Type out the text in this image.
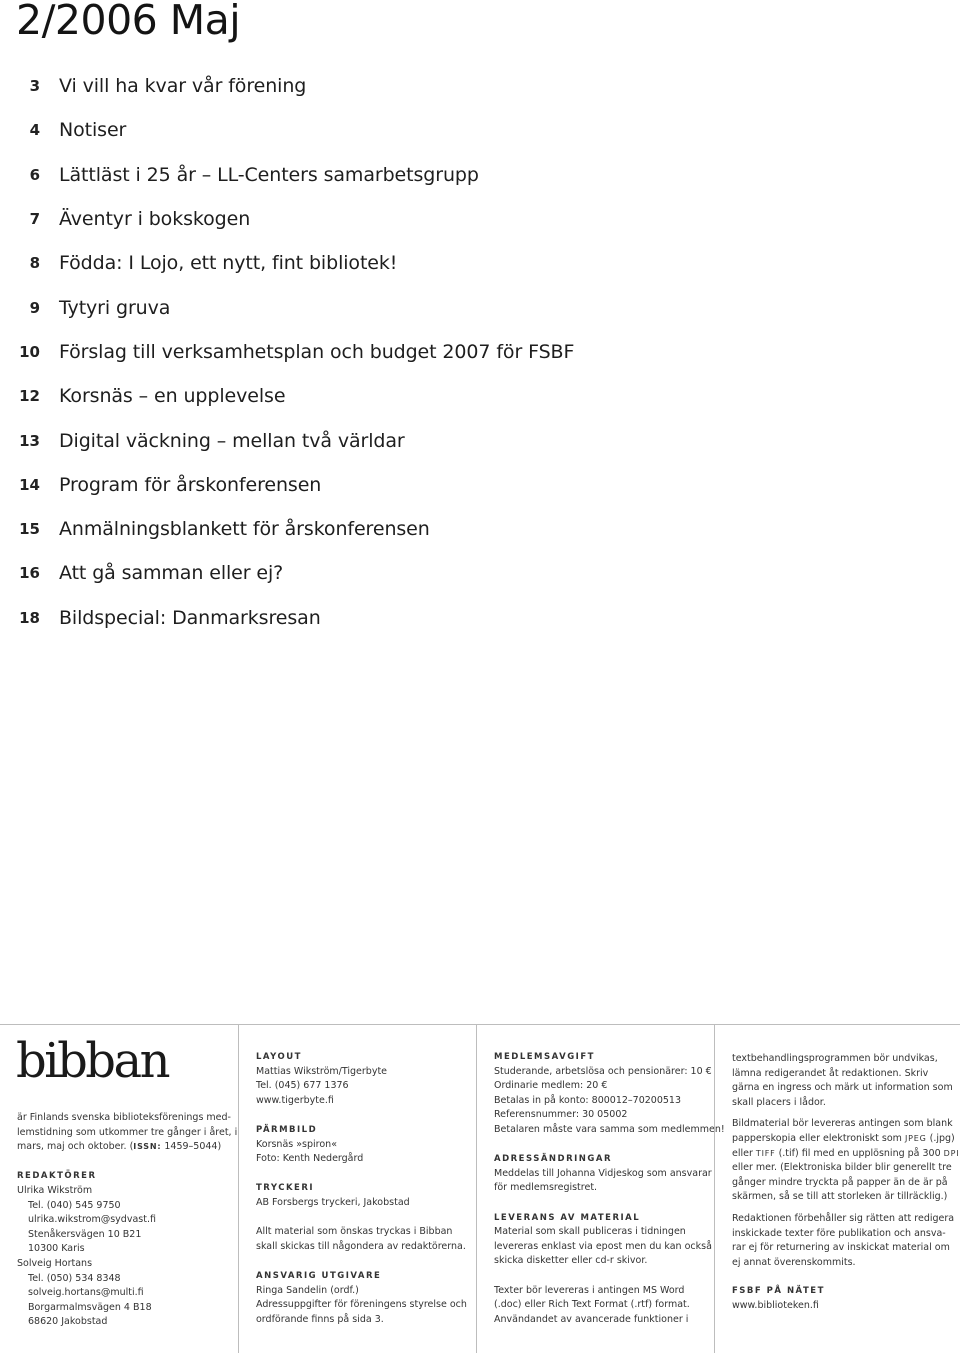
2/2006 Maj
3 Vi vill ha kvar vår förening
4 Notiser
6 Lättläst i 25 år – LL-Centers samarbetsgrupp
7 Äventyr i bokskogen
8 Födda: I Lojo, ett nytt, fint bibliotek!
9 Tytyri gruva
10 Förslag till verksamhetsplan och budget 2007 för FSBF
12 Korsnäs – en upplevelse
13 Digital väckning – mellan två världar
14 Program för årskonferensen
15 Anmälningsblankett för årskonferensen
16 Att gå samman eller ej?
18 Bildspecial: Danmarksresan
bibban
är Finlands svenska biblioteksförenings med-
lemstidning som utkommer tre gånger i året, i
mars, maj och oktober. (ISSN: 1459–5044)
REDAKTÖRER
Ulrika Wikström
Tel. (040) 545 9750
ulrika.wikstrom@sydvast.fi
Stenåkersvägen 10 B21
10300 Karis
Solveig Hortans
Tel. (050) 534 8348
solveig.hortans@multi.fi
Borgarmalmsvägen 4 B18
68620 Jakobstad
LAYOUT
Mattias Wikström/Tigerbyte
Tel. (045) 677 1376
www.tigerbyte.fi
PÄRMBILD
Korsnäs »spiron«
Foto: Kenth Nedergård
TRYCKERI
AB Forsbergs tryckeri, Jakobstad
Allt material som önskas tryckas i Bibban
skall skickas till någondera av redaktörerna.
ANSVARIG UTGIVARE
Ringa Sandelin (ordf.)
Adressuppgifter för föreningens styrelse och
ordförande finns på sida 3.
MEDLEMSAVGIFT
Studerande, arbetslösa och pensionärer: 10 €
Ordinarie medlem: 20 €
Betalas in på konto: 800012–70200513
Referensnummer: 30 05002
Betalaren måste vara samma som medlemmen!
ADRESSÄNDRINGAR
Meddelas till Johanna Vidjeskog som ansvarar
för medlemsregistret.
LEVERANS AV MATERIAL
Material som skall publiceras i tidningen
levereras enklast via epost men du kan också
skicka disketter eller cd-r skivor.
Texter bör levereras i antingen MS Word
(.doc) eller Rich Text Format (.rtf) format.
Användandet av avancerade funktioner i
textbehandlingsprogrammen bör undvikas,
lämna redigerandet åt redaktionen. Skriv
gärna en ingress och märk ut information som
skall placers i lådor.
Bildmaterial bör levereras antingen som blank
papperskopia eller elektroniskt som JPEG (.jpg)
eller TIFF (.tif) fil med en upplösning på 300 DPI
eller mer. (Elektroniska bilder blir generellt tre
gånger mindre tryckta på papper än de är på
skärmen, så se till att storleken är tillräcklig.)
Redaktionen förbehåller sig rätten att redigera
inskickade texter före publikation och ansva-
rar ej för returnering av inskickat material om
ej annat överenskommits.
FSBF PÅ NÄTET
www.biblioteken.fi
